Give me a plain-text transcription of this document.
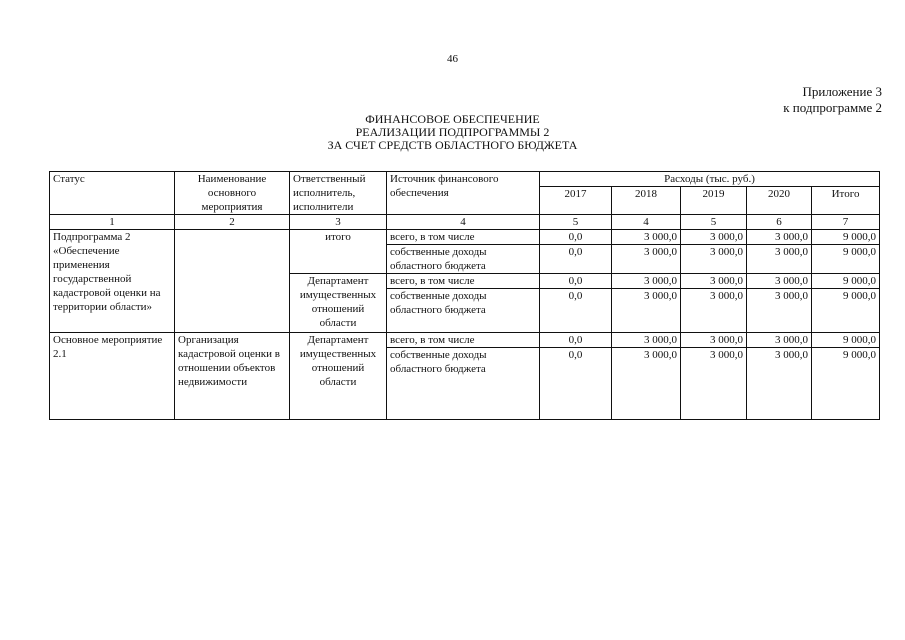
46
Приложение 3
к подпрограмме 2
ФИНАНСОВОЕ ОБЕСПЕЧЕНИЕ
РЕАЛИЗАЦИИ ПОДПРОГРАММЫ 2
ЗА СЧЕТ СРЕДСТВ ОБЛАСТНОГО БЮДЖЕТА
Статус	Наименование основного мероприятия	Ответственный исполнитель, исполнители	Источник финансового обеспечения	Расходы (тыс. руб.)				
				2017	2018	2019	2020	Итого
1	2	3	4	5	4	5	6	7
Подпрограмма 2 «Обеспечение применения государственной кадастровой оценки на территории области»		итого	всего, в том числе	0,0	3 000,0	3 000,0	3 000,0	9 000,0
			собственные доходы областного бюджета	0,0	3 000,0	3 000,0	3 000,0	9 000,0
		Департамент имущественных отношений области	всего, в том числе	0,0	3 000,0	3 000,0	3 000,0	9 000,0
			собственные доходы областного бюджета	0,0	3 000,0	3 000,0	3 000,0	9 000,0
Основное мероприятие 2.1	Организация кадастровой оценки в отношении объектов недвижимости	Департамент имущественных отношений области	всего, в том числе	0,0	3 000,0	3 000,0	3 000,0	9 000,0
			собственные доходы областного бюджета	0,0	3 000,0	3 000,0	3 000,0	9 000,0
